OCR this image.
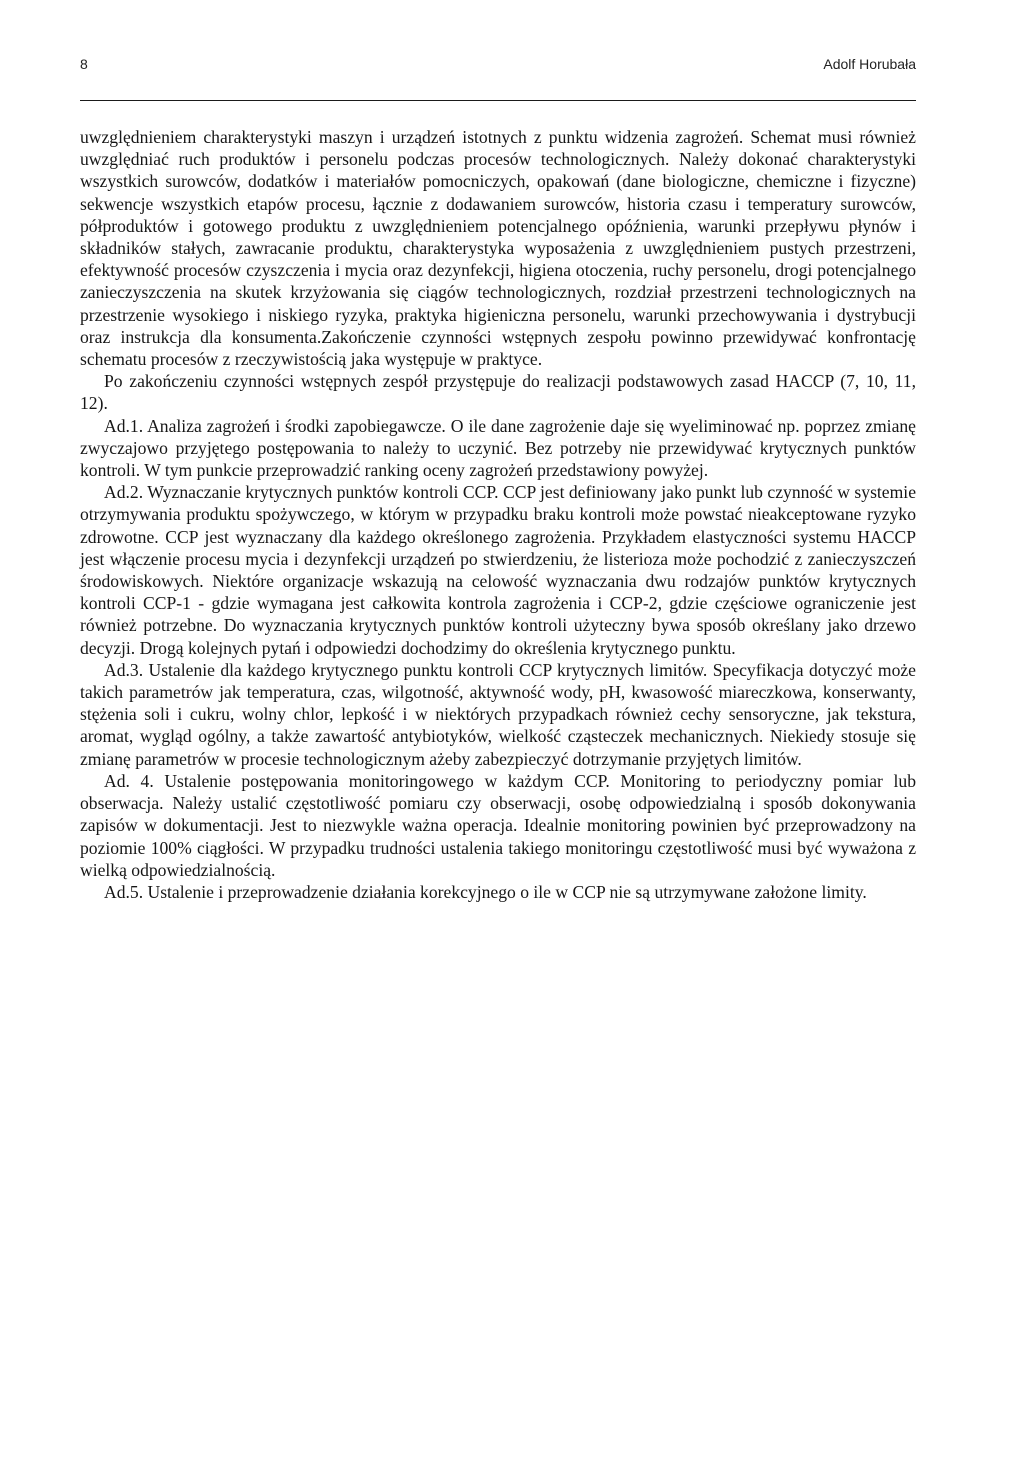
8	Adolf Horubała

uwzględnieniem charakterystyki maszyn i urządzeń istotnych z punktu widzenia zagrożeń. Schemat musi również uwzględniać ruch produktów i personelu podczas procesów technologicznych. Należy dokonać charakterystyki wszystkich surowców, dodatków i materiałów pomocniczych, opakowań (dane biologiczne, chemiczne i fizyczne) sekwencje wszystkich etapów procesu, łącznie z dodawaniem surowców, historia czasu i temperatury surowców, półproduktów i gotowego produktu z uwzględnieniem potencjalnego opóźnienia, warunki przepływu płynów i składników stałych, zawracanie produktu, charakterystyka wyposażenia z uwzględnieniem pustych przestrzeni, efektywność procesów czyszczenia i mycia oraz dezynfekcji, higiena otoczenia, ruchy personelu, drogi potencjalnego zanieczyszczenia na skutek krzyżowania się ciągów technologicznych, rozdział przestrzeni technologicznych na przestrzenie wysokiego i niskiego ryzyka, praktyka higieniczna personelu, warunki przechowywania i dystrybucji oraz instrukcja dla konsumenta.Zakończenie czynności wstępnych zespołu powinno przewidywać konfrontację schematu procesów z rzeczywistością jaka występuje w praktyce.

Po zakończeniu czynności wstępnych zespół przystępuje do realizacji podstawowych zasad HACCP (7, 10, 11, 12).

Ad.1. Analiza zagrożeń i środki zapobiegawcze. O ile dane zagrożenie daje się wyeliminować np. poprzez zmianę zwyczajowo przyjętego postępowania to należy to uczynić. Bez potrzeby nie przewidywać krytycznych punktów kontroli. W tym punkcie przeprowadzić ranking oceny zagrożeń przedstawiony powyżej.

Ad.2. Wyznaczanie krytycznych punktów kontroli CCP. CCP jest definiowany jako punkt lub czynność w systemie otrzymywania produktu spożywczego, w którym w przypadku braku kontroli może powstać nieakceptowane ryzyko zdrowotne. CCP jest wyznaczany dla każdego określonego zagrożenia. Przykładem elastyczności systemu HACCP jest włączenie procesu mycia i dezynfekcji urządzeń po stwierdzeniu, że listerioza może pochodzić z zanieczyszczeń środowiskowych. Niektóre organizacje wskazują na celowość wyznaczania dwu rodzajów punktów krytycznych kontroli CCP-1 - gdzie wymagana jest całkowita kontrola zagrożenia i CCP-2, gdzie częściowe ograniczenie jest również potrzebne. Do wyznaczania krytycznych punktów kontroli użyteczny bywa sposób określany jako drzewo decyzji. Drogą kolejnych pytań i odpowiedzi dochodzimy do określenia krytycznego punktu.

Ad.3. Ustalenie dla każdego krytycznego punktu kontroli CCP krytycznych limitów. Specyfikacja dotyczyć może takich parametrów jak temperatura, czas, wilgotność, aktywność wody, pH, kwasowość miareczkowa, konserwanty, stężenia soli i cukru, wolny chlor, lepkość i w niektórych przypadkach również cechy sensoryczne, jak tekstura, aromat, wygląd ogólny, a także zawartość antybiotyków, wielkość cząsteczek mechanicznych. Niekiedy stosuje się zmianę parametrów w procesie technologicznym ażeby zabezpieczyć dotrzymanie przyjętych limitów.

Ad. 4. Ustalenie postępowania monitoringowego w każdym CCP. Monitoring to periodyczny pomiar lub obserwacja. Należy ustalić częstotliwość pomiaru czy obserwacji, osobę odpowiedzialną i sposób dokonywania zapisów w dokumentacji. Jest to niezwykle ważna operacja. Idealnie monitoring powinien być przeprowadzony na poziomie 100% ciągłości. W przypadku trudności ustalenia takiego monitoringu częstotliwość musi być wyważona z wielką odpowiedzialnością.

Ad.5. Ustalenie i przeprowadzenie działania korekcyjnego o ile w CCP nie są utrzymywane założone limity.
